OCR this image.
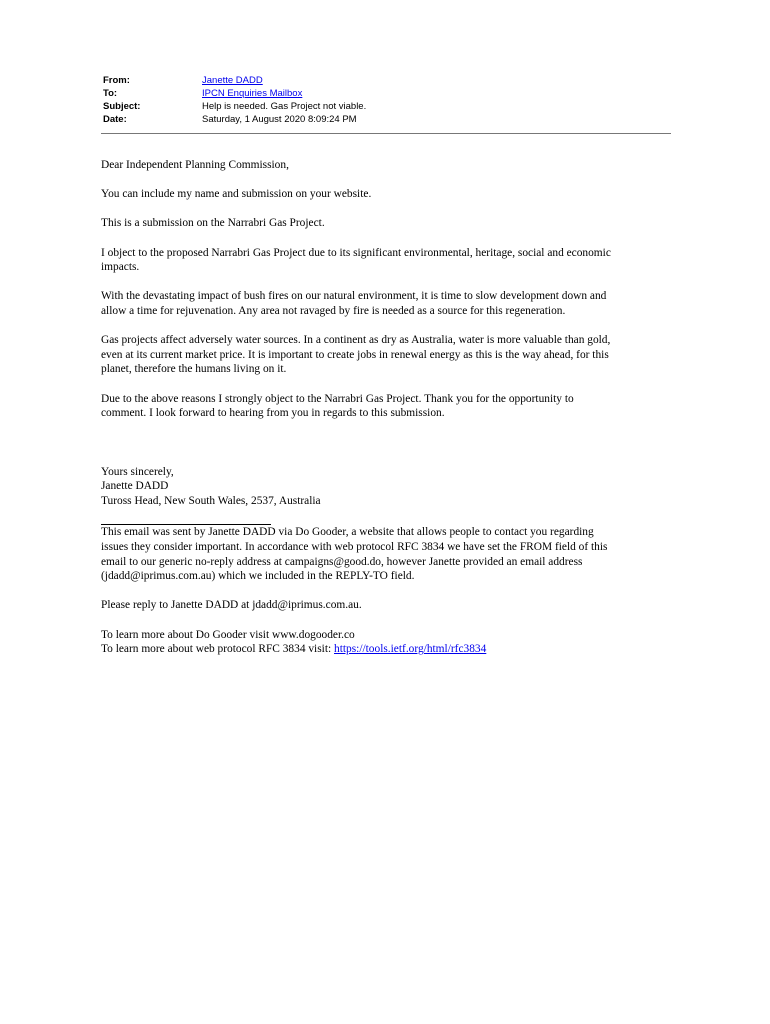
From:	Janette DADD
To:	IPCN Enquiries Mailbox
Subject:	Help is needed. Gas Project not viable.
Date:	Saturday, 1 August 2020 8:09:24 PM

Dear Independent Planning Commission,

You can include my name and submission on your website.

This is a submission on the Narrabri Gas Project.

I object to the proposed Narrabri Gas Project due to its significant environmental, heritage, social and economic

impacts.

With the devastating impact of bush fires on our natural environment, it is time to slow development down and

allow a time for rejuvenation. Any area not ravaged by fire is needed as a source for this regeneration.

Gas projects affect adversely water sources. In a continent as dry as Australia, water is more valuable than gold,

even at its current market price. It is important to create jobs in renewal energy as this is the way ahead, for this

planet, therefore the humans living on it.

Due to the above reasons I strongly object to the Narrabri Gas Project. Thank you for the opportunity to

comment. I look forward to hearing from you in regards to this submission.

Yours sincerely,

Janette DADD

Tuross Head, New South Wales, 2537, Australia

This email was sent by Janette DADD via Do Gooder, a website that allows people to contact you regarding

issues they consider important. In accordance with web protocol RFC 3834 we have set the FROM field of this

email to our generic no-reply address at campaigns@good.do, however Janette provided an email address

(jdadd@iprimus.com.au) which we included in the REPLY-TO field.

Please reply to Janette DADD at jdadd@iprimus.com.au.

To learn more about Do Gooder visit www.dogooder.co

To learn more about web protocol RFC 3834 visit: https://tools.ietf.org/html/rfc3834
